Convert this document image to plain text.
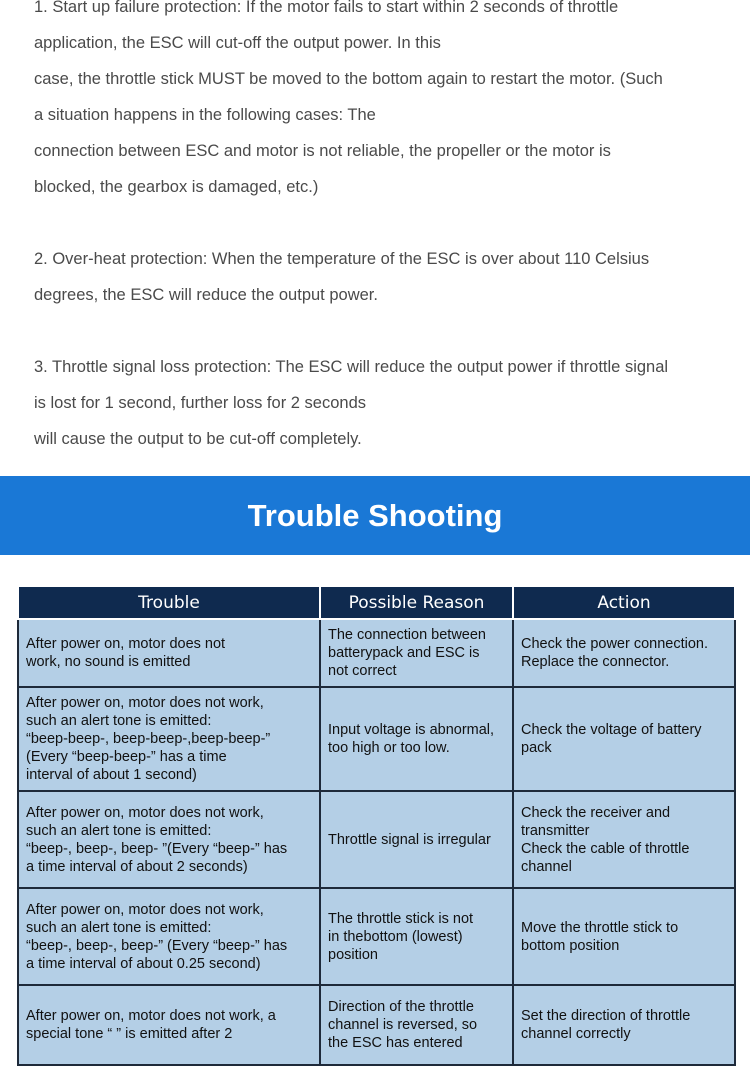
1. Start up failure protection: If the motor fails to start within 2 seconds of throttle
application, the ESC will cut-off the output power. In this
case, the throttle stick MUST be moved to the bottom again to restart the motor. (Such
a situation happens in the following cases: The
connection between ESC and motor is not reliable, the propeller or the motor is
blocked, the gearbox is damaged, etc.)
2. Over-heat protection: When the temperature of the ESC is over about 110 Celsius
degrees, the ESC will reduce the output power.
3. Throttle signal loss protection: The ESC will reduce the output power if throttle signal
is lost for 1 second, further loss for 2 seconds
will cause the output to be cut-off completely.
Trouble Shooting
Trouble	Possible Reason	Action

After power on, motor does not
work, no sound is emitted	The connection between
batterypack and ESC is
not correct	Check the power connection.
Replace the connector.

After power on, motor does not work,
such an alert tone is emitted:
“beep-beep-, beep-beep-,beep-beep-”
(Every “beep-beep-” has a time
interval of about 1 second)	Input voltage is abnormal,
too high or too low.	Check the voltage of battery
pack

After power on, motor does not work,
such an alert tone is emitted:
“beep-, beep-, beep- ”(Every “beep-” has
a time interval of about 2 seconds)	Throttle signal is irregular	Check the receiver and
transmitter
Check the cable of throttle
channel

After power on, motor does not work,
such an alert tone is emitted:
“beep-, beep-, beep-” (Every “beep-” has
a time interval of about 0.25 second)	The throttle stick is not
in thebottom (lowest)
position	Move the throttle stick to
bottom position

After power on, motor does not work, a
special tone “ ” is emitted after 2	Direction of the throttle
channel is reversed, so
the ESC has entered	Set the direction of throttle
channel correctly
